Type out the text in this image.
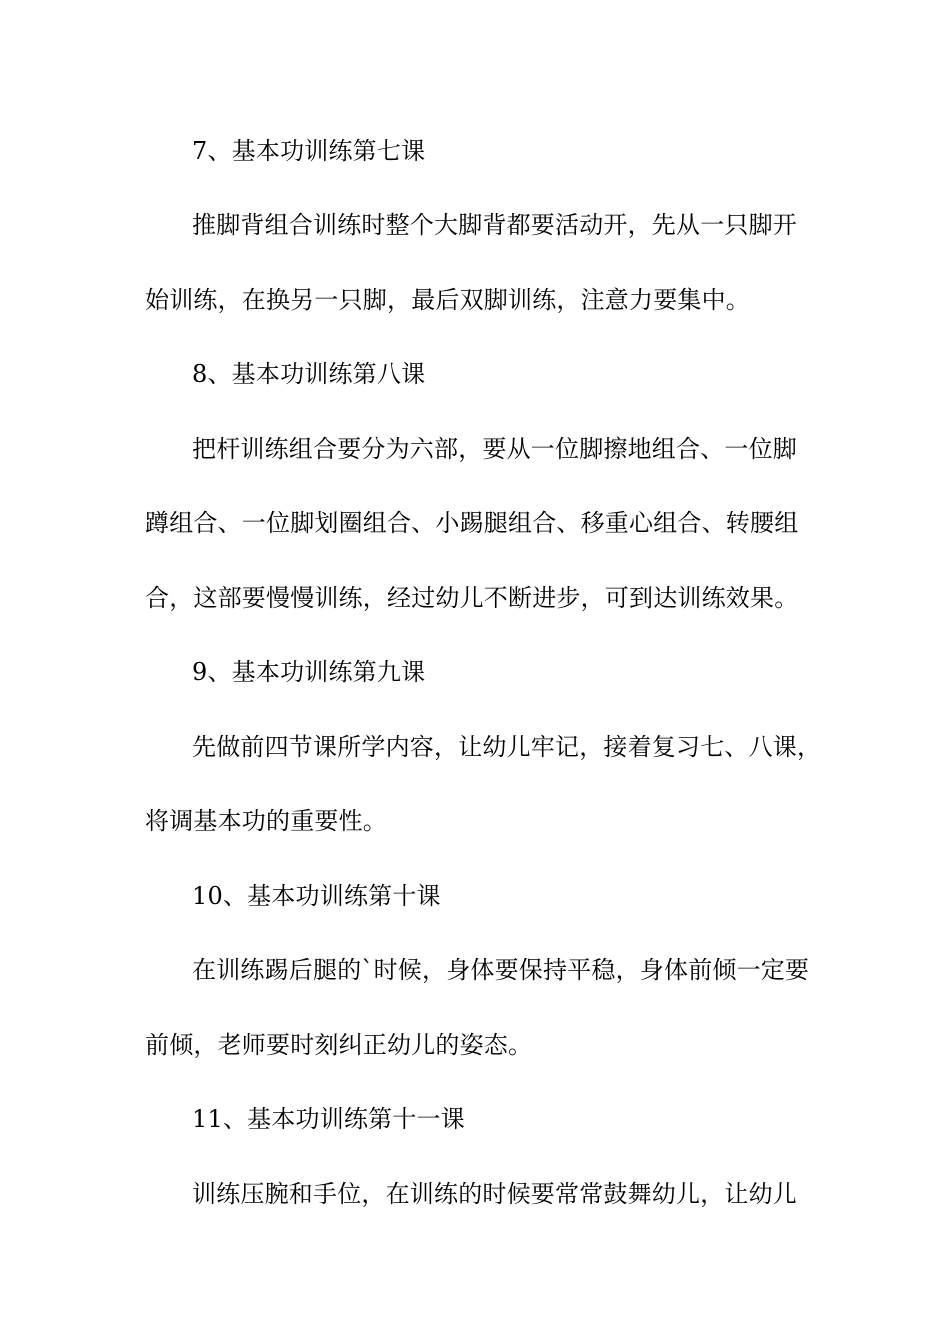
7、基本功训练第七课
推脚背组合训练时整个大脚背都要活动开，先从一只脚开
始训练，在换另一只脚，最后双脚训练，注意力要集中。
8、基本功训练第八课
把杆训练组合要分为六部，要从一位脚擦地组合、一位脚
蹲组合、一位脚划圈组合、小踢腿组合、移重心组合、转腰组
合，这部要慢慢训练，经过幼儿不断进步，可到达训练效果。
9、基本功训练第九课
先做前四节课所学内容，让幼儿牢记，接着复习七、八课，
将调基本功的重要性。
10、基本功训练第十课
在训练踢后腿的`时候，身体要保持平稳，身体前倾一定要
前倾，老师要时刻纠正幼儿的姿态。
11、基本功训练第十一课
训练压腕和手位，在训练的时候要常常鼓舞幼儿，让幼儿
